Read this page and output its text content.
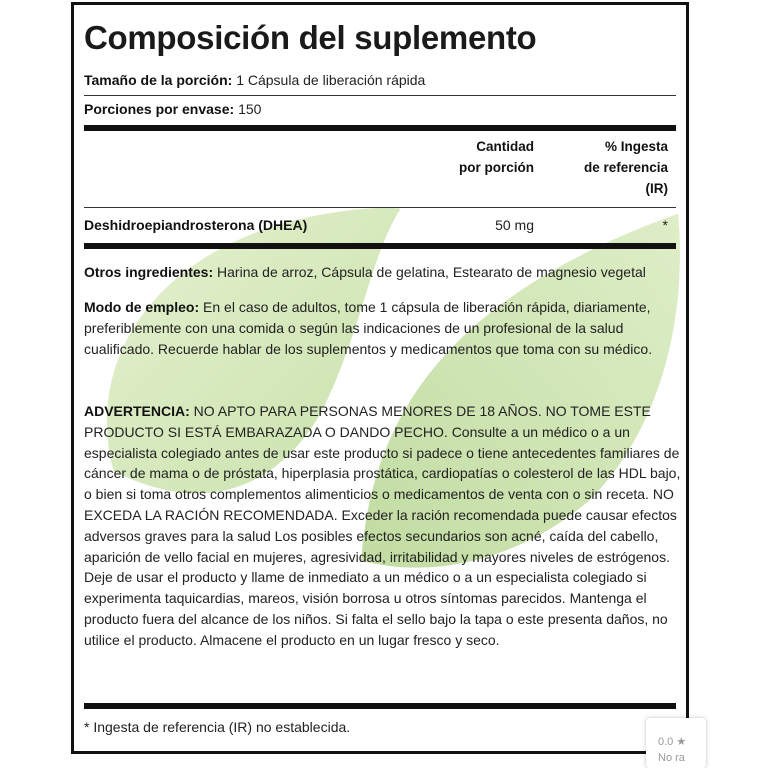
Composición del suplemento
Tamaño de la porción: 1 Cápsula de liberación rápida
Porciones por envase: 150
Cantidad
por porción
% Ingesta
de referencia
(IR)
Deshidroepiandrosterona (DHEA)	50 mg	*

Otros ingredientes: Harina de arroz, Cápsula de gelatina, Estearato de magnesio vegetal

Modo de empleo: En el caso de adultos, tome 1 cápsula de liberación rápida, diariamente, preferiblemente con una comida o según las indicaciones de un profesional de la salud cualificado. Recuerde hablar de los suplementos y medicamentos que toma con su médico.

ADVERTENCIA: NO APTO PARA PERSONAS MENORES DE 18 AÑOS. NO TOME ESTE PRODUCTO SI ESTÁ EMBARAZADA O DANDO PECHO. Consulte a un médico o a un especialista colegiado antes de usar este producto si padece o tiene antecedentes familiares de cáncer de mama o de próstata, hiperplasia prostática, cardiopatías o colesterol de las HDL bajo, o bien si toma otros complementos alimenticios o medicamentos de venta con o sin receta. NO EXCEDA LA RACIÓN RECOMENDADA. Exceder la ración recomendada puede causar efectos adversos graves para la salud Los posibles efectos secundarios son acné, caída del cabello, aparición de vello facial en mujeres, agresividad, irritabilidad y mayores niveles de estrógenos. Deje de usar el producto y llame de inmediato a un médico o a un especialista colegiado si experimenta taquicardias, mareos, visión borrosa u otros síntomas parecidos. Mantenga el producto fuera del alcance de los niños. Si falta el sello bajo la tapa o este presenta daños, no utilice el producto. Almacene el producto en un lugar fresco y seco.

* Ingesta de referencia (IR) no establecida.
0.0 ★
No ra
